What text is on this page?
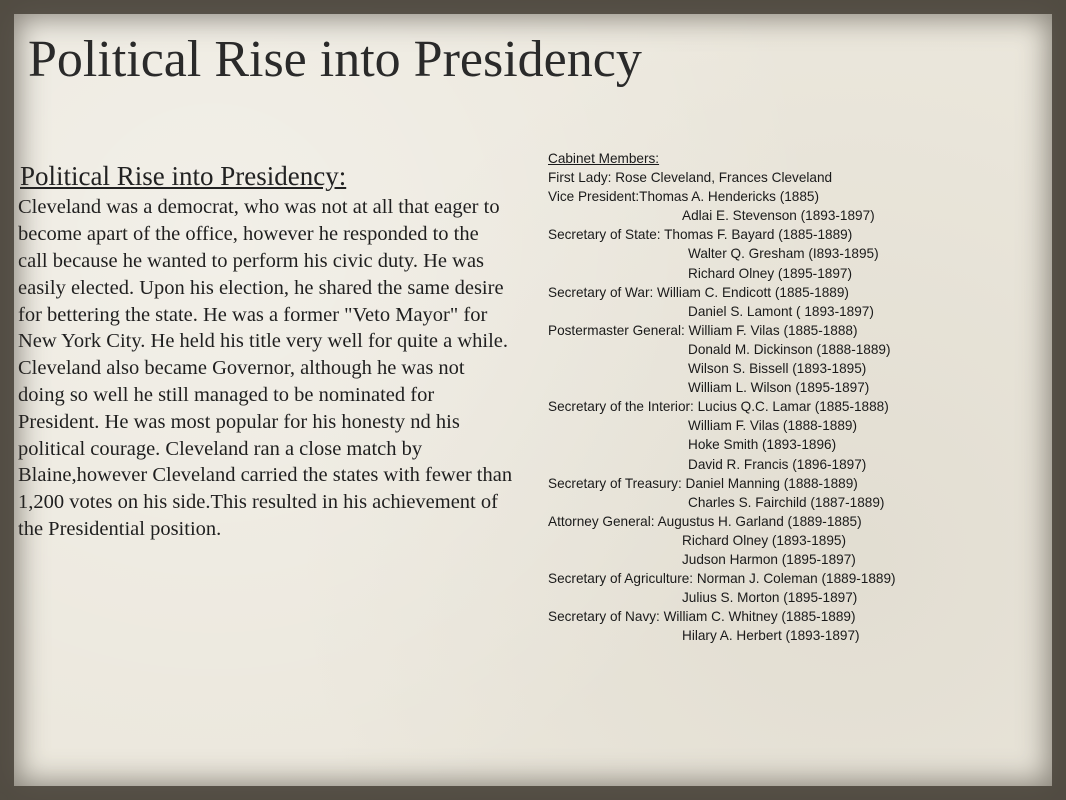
Political Rise into Presidency
Political Rise into Presidency:
Cleveland was a democrat, who was not at all that eager to become apart of the office, however he responded to the call because he wanted to perform his civic duty. He was easily elected. Upon his election, he shared the same desire for bettering the state. He was a former "Veto Mayor" for New York City. He held his title very well for quite a while. Cleveland also became Governor, although he was not doing so well he still managed to be nominated for President. He was most popular for his honesty nd his political courage. Cleveland ran a close match by Blaine,however Cleveland carried the states with fewer than 1,200 votes on his side.This resulted in his achievement of the Presidential position.
Cabinet Members:
First Lady: Rose Cleveland, Frances Cleveland
Vice President:Thomas A. Hendericks (1885)
Adlai E. Stevenson (1893-1897)
Secretary of State: Thomas F. Bayard (1885-1889)
Walter Q. Gresham (I893-1895)
Richard Olney (1895-1897)
Secretary of War: William C. Endicott (1885-1889)
Daniel S. Lamont ( 1893-1897)
Postermaster General: William F. Vilas (1885-1888)
Donald M. Dickinson (1888-1889)
Wilson S. Bissell (1893-1895)
William L. Wilson (1895-1897)
Secretary of the Interior: Lucius Q.C. Lamar (1885-1888)
William F. Vilas (1888-1889)
Hoke Smith (1893-1896)
David R. Francis (1896-1897)
Secretary of Treasury: Daniel Manning (1888-1889)
Charles S. Fairchild (1887-1889)
Attorney General: Augustus H. Garland (1889-1885)
Richard Olney (1893-1895)
Judson Harmon (1895-1897)
Secretary of Agriculture: Norman J. Coleman (1889-1889)
Julius S. Morton (1895-1897)
Secretary of Navy: William C. Whitney (1885-1889)
Hilary A. Herbert (1893-1897)
